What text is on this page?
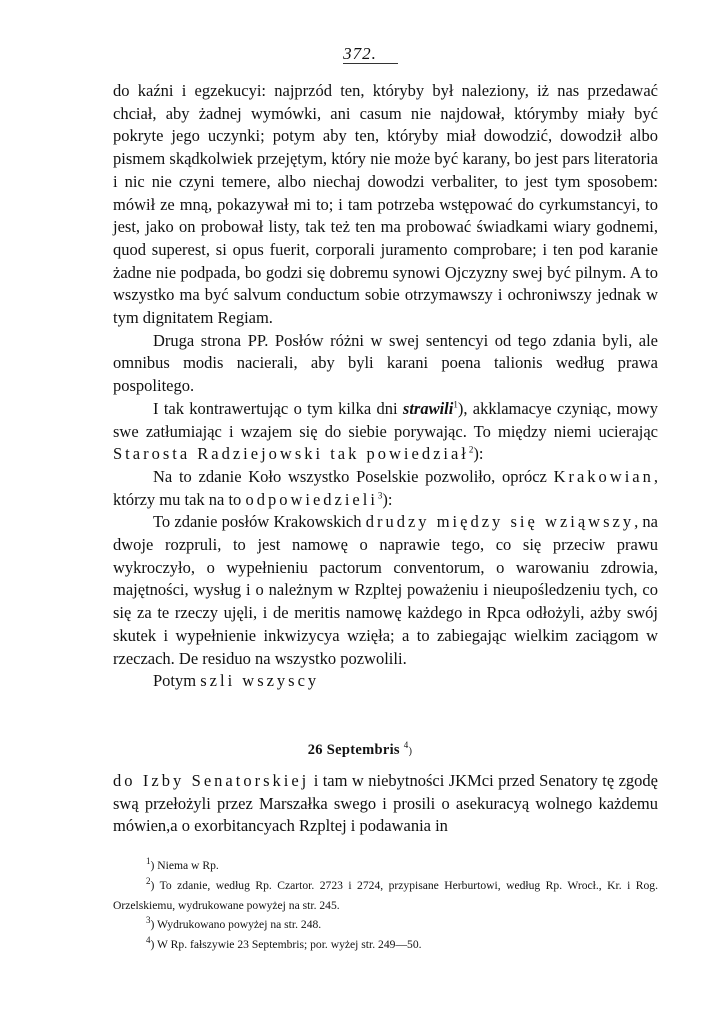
372.

do kaźni i egzekucyi: najprzód ten, któryby był naleziony, iż nas przedawać chciał, aby żadnej wymówki, ani casum nie najdował, którymby miały być pokryte jego uczynki; potym aby ten, któryby miał dowodzić, dowodził albo pismem skądkolwiek przejętym, który nie może być karany, bo jest pars literatoria i nic nie czyni temere, albo niechaj dowodzi verbaliter, to jest tym sposobem: mówił ze mną, pokazywał mi to; i tam potrzeba wstępować do cyrkumstancyi, to jest, jako on probował listy, tak też ten ma probować świadkami wiary godnemi, quod superest, si opus fuerit, corporali juramento comprobare; i ten pod karanie żadne nie podpada, bo godzi się dobremu synowi Ojczyzny swej być pilnym. A to wszystko ma być salvum conductum sobie otrzymawszy i ochroniwszy jednak w tym dignitatem Regiam.

Druga strona PP. Posłów różni w swej sentencyi od tego zdania byli, ale omnibus modis nacierali, aby byli karani poena talionis według prawa pospolitego.

I tak kontrawertując o tym kilka dni strawili$^1$), akklamacye czyniąc, mowy swe zatłumiając i wzajem się do siebie porywając. To między niemi ucierając Starosta Radziejowski tak powiedział$^2$):

Na to zdanie Koło wszystko Poselskie pozwoliło, oprócz Krakowian, którzy mu tak na to odpowiedzieli$^3$):

To zdanie posłów Krakowskich drudzy między się wziąwszy, na dwoje rozpruli, to jest namowę o naprawie tego, co się przeciw prawu wykroczyło, o wypełnieniu pactorum conventorum, o warowaniu zdrowia, majętności, wysług i o należnym w Rzpltej poważeniu i nieupośledzeniu tych, co się za te rzeczy ujęli, i de meritis namowę każdego in Rpca odłożyli, ażby swój skutek i wypełnienie inkwizycya wzięła; a to zabiegając wielkim zaciągom w rzeczach. De residuo na wszystko pozwolili.

Potym szli wszyscy

26 Septembris $^4$)

do Izby Senatorskiej i tam w niebytności JKMci przed Senatory tę zgodę swą przełożyli przez Marszałka swego i prosili o asekuracyą wolnego każdemu mówien,a o exorbitancyach Rzpltej i podawania in

$^1$) Niema w Rp.

$^2$) To zdanie, według Rp. Czartor. 2723 i 2724, przypisane Herburtowi, według Rp. Wrocł., Kr. i Rog. Orzelskiemu, wydrukowane powyżej na str. 245.

$^3$) Wydrukowano powyżej na str. 248.

$^4$) W Rp. fałszywie 23 Septembris; por. wyżej str. 249—50.
